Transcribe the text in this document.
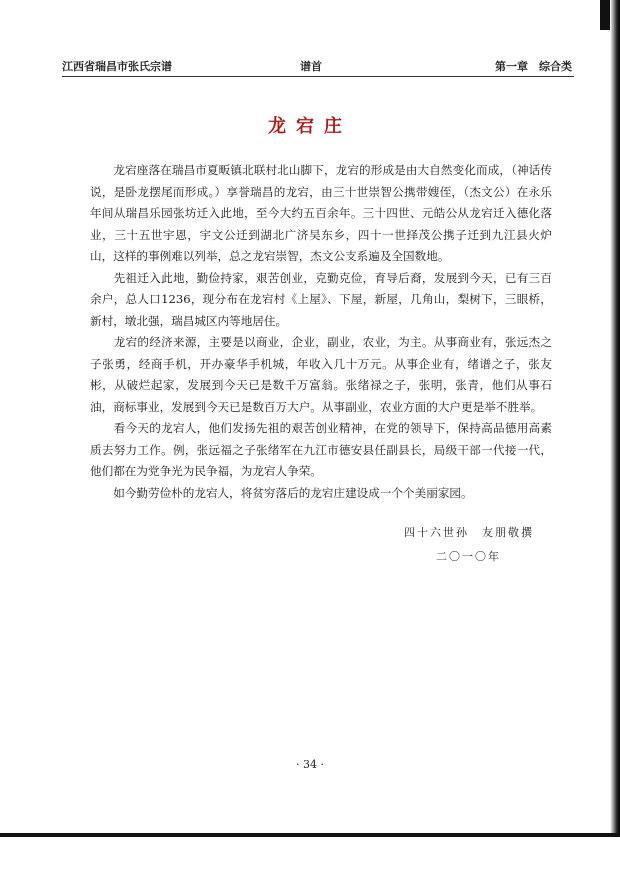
江西省瑞昌市张氏宗谱	谱首	第一章　综合类
龙宕庄

　　龙宕座落在瑞昌市夏畈镇北联村北山脚下，龙宕的形成是由大自然变化而成，（神话传说，是卧龙摆尾而形成。）享誉瑞昌的龙宕，由三十世崇智公携带嫂侄，（杰文公）在永乐年间从瑞昌乐园张坊迁入此地，至今大约五百余年。三十四世、元皓公从龙宕迁入德化落业，三十五世宇恩，宇文公迁到湖北广济吴东乡，四十一世择茂公携子迁到九江县火炉山，这样的事例难以列举，总之龙宕崇智，杰文公支系遍及全国数地。

　　先祖迁入此地，勤俭持家，艰苦创业，克勤克俭，育导后裔，发展到今天，已有三百余户，总人口1236，现分布在龙宕村《上屋》、下屋，新屋，几角山，梨树下，三眼桥，新村，墩北强，瑞昌城区内等地居住。

　　龙宕的经济来源，主要是以商业，企业，副业，农业，为主。从事商业有，张远杰之子张勇，经商手机，开办豪华手机城，年收入几十万元。从事企业有，绪谱之子，张友彬，从破烂起家，发展到今天已是数千万富翁。张绪禄之子，张明，张青，他们从事石油，商标事业，发展到今天已是数百万大户。从事副业，农业方面的大户更是举不胜举。

　　看今天的龙宕人，他们发扬先祖的艰苦创业精神，在党的领导下，保持高品德用高素质去努力工作。例，张远福之子张绪军在九江市德安县任副县长，局级干部一代接一代，他们都在为党争光为民争福，为龙宕人争荣。

　　如今勤劳俭朴的龙宕人，将贫穷落后的龙宕庄建设成一个个美丽家园。

四十六世孙　友朋敬撰
二〇一〇年
· 34 ·
